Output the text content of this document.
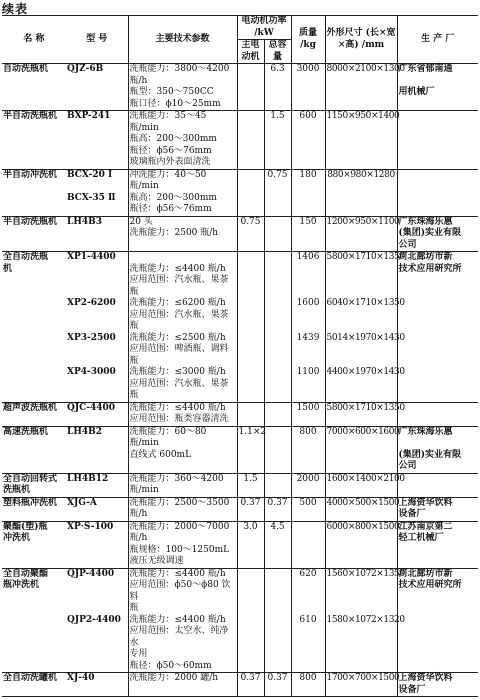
续表
名 称	型 号	主要技术参数	电动机功率 /kW		质量 /kg	外形尺寸 (长×宽×高) /mm	生 产 厂
			主电动机	总容量			
自动洗瓶机	QJZ-6B	洗瓶能力：3800～4200 瓶/h		6.3	3000	8000×2100×1300	广东省郁南通
		瓶型：350～750CC					用机械厂
		瓶口径：ϕ10～25mm					
半自动洗瓶机	BXP-241	洗瓶能力：35～45 瓶/min		1.5	600	1150×950×1400	
		瓶高：200～300mm					
		瓶径：ϕ56～76mm					
		玻璃瓶内外表面清洗					
半自动冲洗机	BCX-20 Ⅰ	冲洗能力：40～50 瓶/min		0.75	180	880×980×1280	
	BCX-35 Ⅱ	瓶高：200～300mm					
		瓶径：ϕ56～76mm					
半自动洗瓶机	LH4B3	20 头	0.75		150	1200×950×1100	广东珠海乐惠
		洗瓶能力：2500 瓶/h					(集团)实业有限
							公司
全自动洗瓶	XP1-4400				1406	5800×1710×1350	河北廊坊市新
机		洗瓶能力：≤4400 瓶/h					技术应用研究所
		应用范围：汽水瓶、果茶瓶					
	XP2-6200	洗瓶能力：≤6200 瓶/h			1600	6040×1710×1350	
		应用范围：汽水瓶、果茶瓶					
	XP3-2500	洗瓶能力：≤2500 瓶/h			1439	5014×1970×1430	
		应用范围：啤酒瓶、调料瓶					
	XP4-3000	洗瓶能力：≤3000 瓶/h			1100	4400×1970×1430	
		应用范围：汽水瓶、果茶瓶					
超声波洗瓶机	QJC-4400	洗瓶能力：≤4400 瓶/h			1500	5800×1710×1350	
		应用范围：瓶类容器清洗					
高速洗瓶机	LH4B2	洗瓶能力：60～80 瓶/min	1.1×2		800	7000×600×1600	广东珠海乐惠
		直线式 600mL					(集团)实业有限
							公司
全自动回转式	LH4B12	洗瓶能力：360～4200	1.5		2000	1600×1400×2100	
洗瓶机		瓶/min					
塑料瓶冲洗机	XJG-A	洗瓶能力：2500～3500	0.37	0.37	500	4000×500×1500	上海资华饮料
		瓶/h					设备厂
聚酯(塑)瓶	XP·S-100	洗瓶能力：2000～7000	3.0	4.5		6000×800×1500	江苏南京第二
冲洗机		瓶/h					轻工机械厂
		瓶规格：100～1250mL					
		液压无级调速					
全自动聚酯	QJP-4400	洗瓶能力：≤4400 瓶/h			620	1560×1072×1350	河北廊坊市新
瓶冲洗机		应用范围：ϕ50～ϕ80 饮料					技术应用研究所
		瓶					
	QJP2-4400	洗瓶能力：≤4400 瓶/h			610	1580×1072×1320	
		应用范围：太空水、纯净水					
		专用					
		瓶径：ϕ50～60mm					
全自动洗罐机	XJ-40	洗瓶能力：2000 罐/h	0.37	0.37	800	1700×700×1500	上海资华饮料
							设备厂
